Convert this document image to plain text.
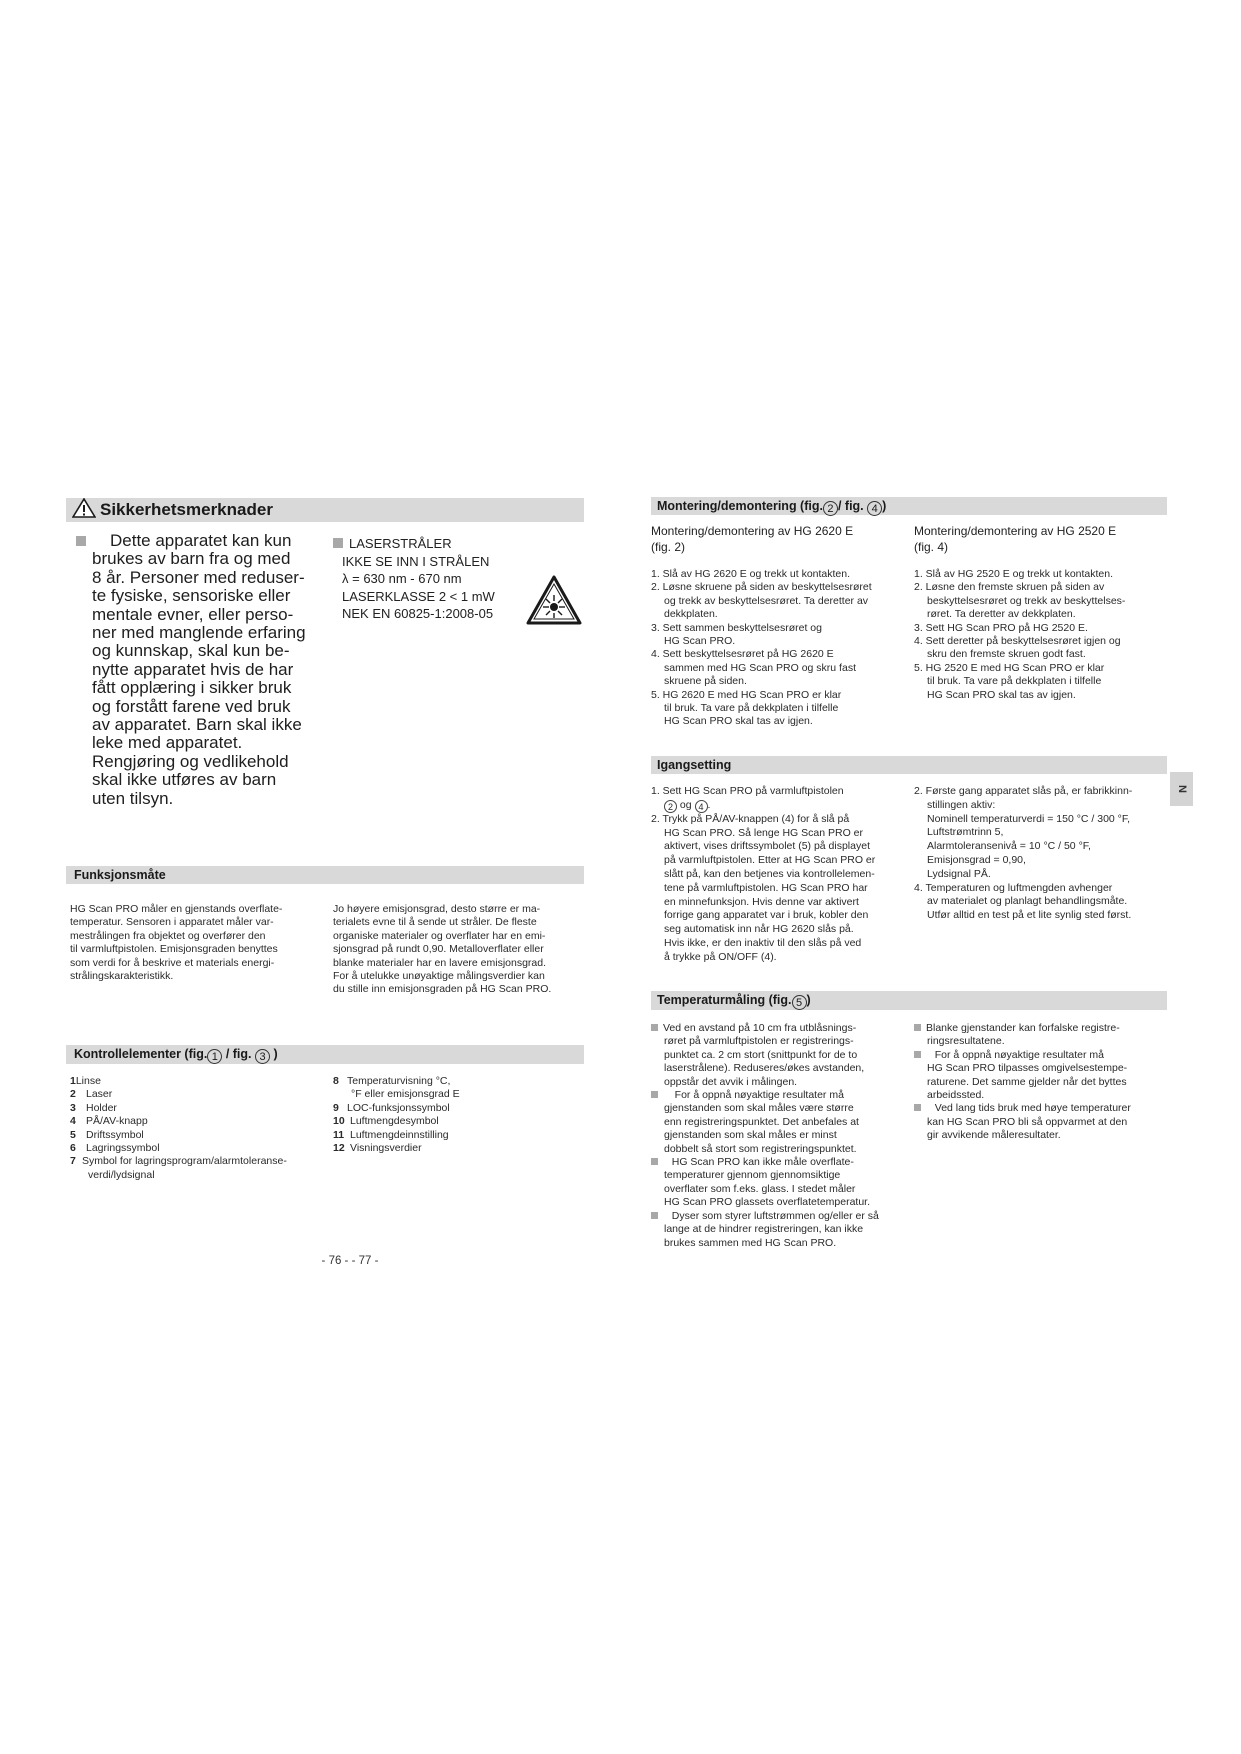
Sikkerhetsmerknader
Dette apparatet kan kun
brukes av barn fra og med
8 år. Personer med reduser-
te fysiske, sensoriske eller
mentale evner, eller perso-
ner med manglende erfaring
og kunnskap, skal kun be-
nytte apparatet hvis de har
fått opplæring i sikker bruk
og forstått farene ved bruk
av apparatet. Barn skal ikke
leke med apparatet.
Rengjøring og vedlikehold
skal ikke utføres av barn
uten tilsyn.
LASERSTRÅLER
IKKE SE INN I STRÅLEN
λ = 630 nm - 670 nm
LASERKLASSE 2 < 1 mW
NEK EN 60825-1:2008-05
Funksjonsmåte
HG Scan PRO måler en gjenstands overflate-
temperatur. Sensoren i apparatet måler var-
mestrålingen fra objektet og overfører den
til varmluftpistolen. Emisjonsgraden benyttes
som verdi for å beskrive et materials energi-
strålingskarakteristikk.
Jo høyere emisjonsgrad, desto større er ma-
terialets evne til å sende ut stråler. De fleste
organiske materialer og overflater har en emi-
sjonsgrad på rundt 0,90. Metalloverflater eller
blanke materialer har en lavere emisjonsgrad.
For å utelukke unøyaktige målingsverdier kan
du stille inn emisjonsgraden på HG Scan PRO.
Kontrollelementer (fig. 1 / fig. 3 )
1Linse
2 Laser
3 Holder
4 PÅ/AV-knapp
5 Driftssymbol
6 Lagringssymbol
7 Symbol for lagringsprogram/alarmtoleranse-
verdi/lydsignal
8 Temperaturvisning °C,
°F eller emisjonsgrad E
9 LOC-funksjonssymbol
10 Luftmengdesymbol
11 Luftmengdeinnstilling
12 Visningsverdier
- 76 - - 77 -
Montering/demontering (fig. 2 / fig. 4 )
Montering/demontering av HG 2620 E
(fig. 2)
1. Slå av HG 2620 E og trekk ut kontakten.
2. Løsne skruene på siden av beskyttelsesrøret
og trekk av beskyttelsesrøret. Ta deretter av
dekkplaten.
3. Sett sammen beskyttelsesrøret og
HG Scan PRO.
4. Sett beskyttelsesrøret på HG 2620 E
sammen med HG Scan PRO og skru fast
skruene på siden.
5. HG 2620 E med HG Scan PRO er klar
til bruk. Ta vare på dekkplaten i tilfelle
HG Scan PRO skal tas av igjen.
Montering/demontering av HG 2520 E
(fig. 4)
1. Slå av HG 2520 E og trekk ut kontakten.
2. Løsne den fremste skruen på siden av
beskyttelsesrøret og trekk av beskyttelses-
røret. Ta deretter av dekkplaten.
3. Sett HG Scan PRO på HG 2520 E.
4. Sett deretter på beskyttelsesrøret igjen og
skru den fremste skruen godt fast.
5. HG 2520 E med HG Scan PRO er klar
til bruk. Ta vare på dekkplaten i tilfelle
HG Scan PRO skal tas av igjen.
Igangsetting
1. Sett HG Scan PRO på varmluftpistolen
2 og 4 .
2. Trykk på PÅ/AV-knappen (4) for å slå på
HG Scan PRO. Så lenge HG Scan PRO er
aktivert, vises driftssymbolet (5) på displayet
på varmluftpistolen. Etter at HG Scan PRO er
slått på, kan den betjenes via kontrollelemen-
tene på varmluftpistolen. HG Scan PRO har
en minnefunksjon. Hvis denne var aktivert
forrige gang apparatet var i bruk, kobler den
seg automatisk inn når HG 2620 slås på.
Hvis ikke, er den inaktiv til den slås på ved
å trykke på ON/OFF (4).
2. Første gang apparatet slås på, er fabrikkinn-
stillingen aktiv:
Nominell temperaturverdi = 150 °C / 300 °F,
Luftstrømtrinn 5,
Alarmtoleransenivå = 10 °C / 50 °F,
Emisjonsgrad = 0,90,
Lydsignal PÅ.
4. Temperaturen og luftmengden avhenger
av materialet og planlagt behandlingsmåte.
Utfør alltid en test på et lite synlig sted først.
N
Temperaturmåling (fig. 5 )
Ved en avstand på 10 cm fra utblåsnings-
røret på varmluftpistolen er registrerings-
punktet ca. 2 cm stort (snittpunkt for de to
laserstrålene). Reduseres/økes avstanden,
oppstår det avvik i målingen.
For å oppnå nøyaktige resultater må
gjenstanden som skal måles være større
enn registreringspunktet. Det anbefales at
gjenstanden som skal måles er minst
dobbelt så stort som registreringspunktet.
HG Scan PRO kan ikke måle overflate-
temperaturer gjennom gjennomsiktige
overflater som f.eks. glass. I stedet måler
HG Scan PRO glassets overflatetemperatur.
Dyser som styrer luftstrømmen og/eller er så
lange at de hindrer registreringen, kan ikke
brukes sammen med HG Scan PRO.
Blanke gjenstander kan forfalske registre-
ringsresultatene.
For å oppnå nøyaktige resultater må
HG Scan PRO tilpasses omgivelsestempe-
raturene. Det samme gjelder når det byttes
arbeidssted.
Ved lang tids bruk med høye temperaturer
kan HG Scan PRO bli så oppvarmet at den
gir avvikende måleresultater.
